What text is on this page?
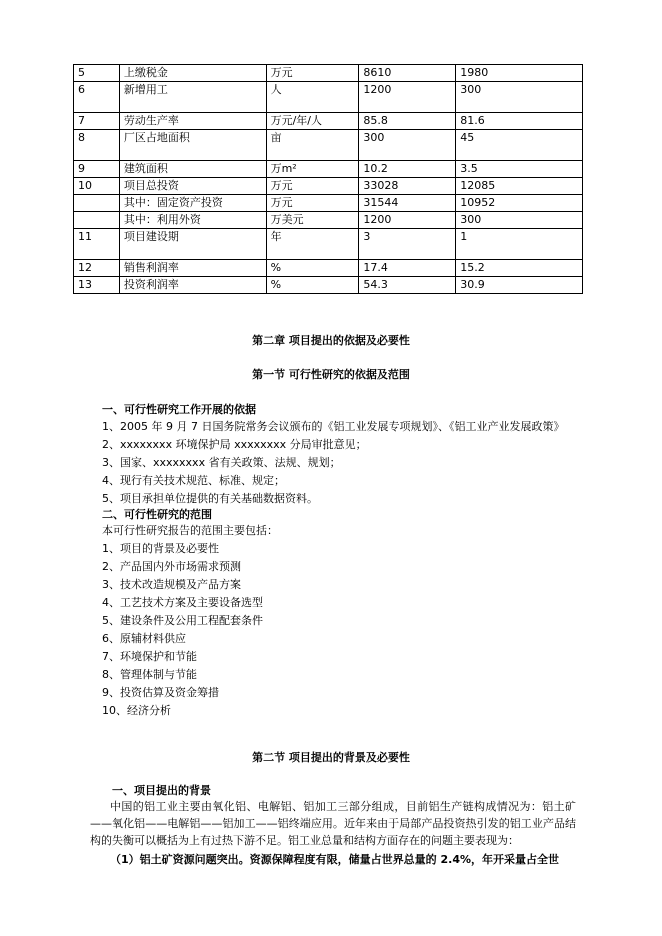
5	上缴税金	万元	8610	1980
6	新增用工	人	1200	300
7	劳动生产率	万元/年/人	85.8	81.6
8	厂区占地面积	亩	300	45
9	建筑面积	万m²	10.2	3.5
10	项目总投资	万元	33028	12085
	其中：固定资产投资	万元	31544	10952
	其中：利用外资	万美元	1200	300
11	项目建设期	年	3	1
12	销售利润率	%	17.4	15.2
13	投资利润率	%	54.3	30.9
第二章 项目提出的依据及必要性
第一节 可行性研究的依据及范围
一、可行性研究工作开展的依据
1、2005 年 9 月 7 日国务院常务会议颁布的《铝工业发展专项规划》、《铝工业产业发展政策》
2、xxxxxxxx 环境保护局 xxxxxxxx 分局审批意见；
3、国家、xxxxxxxx 省有关政策、法规、规划；
4、现行有关技术规范、标准、规定；
5、项目承担单位提供的有关基础数据资料。
二、可行性研究的范围
本可行性研究报告的范围主要包括：
1、项目的背景及必要性
2、产品国内外市场需求预测
3、技术改造规模及产品方案
4、工艺技术方案及主要设备选型
5、建设条件及公用工程配套条件
6、原辅材料供应
7、环境保护和节能
8、管理体制与节能
9、投资估算及资金筹措
10、经济分析
第二节 项目提出的背景及必要性
一、项目提出的背景
中国的铝工业主要由氧化铝、电解铝、铝加工三部分组成，目前铝生产链构成情况为：铝土矿——氧化铝——电解铝——铝加工——铝终端应用。近年来由于局部产品投资热引发的铝工业产品结构的失衡可以概括为上有过热下游不足。铝工业总量和结构方面存在的问题主要表现为：
（1）铝土矿资源问题突出。资源保障程度有限，储量占世界总量的 2.4%，年开采量占全世
